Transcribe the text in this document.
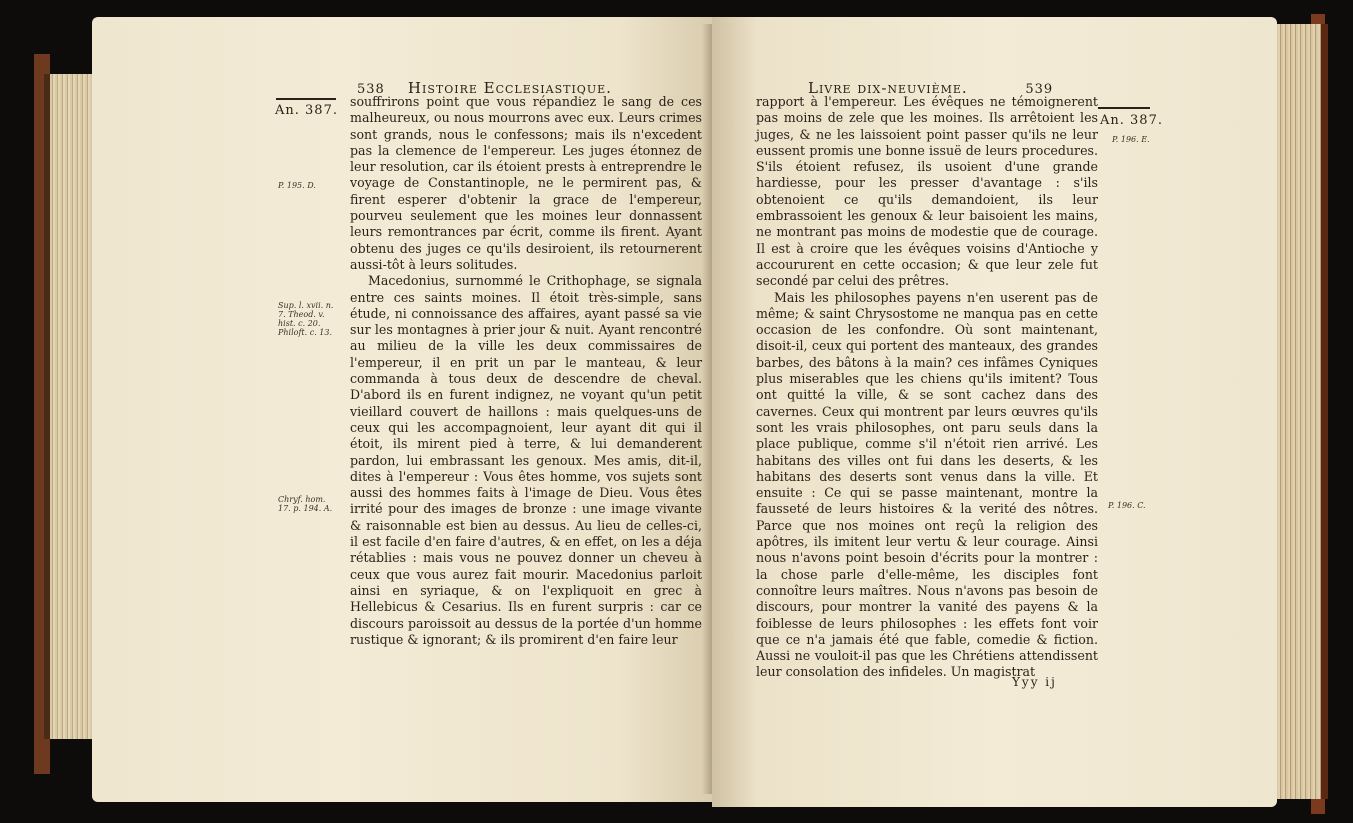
An. 387.
538 Histoire Ecclesiastique.
P. 195. D.
Sup. l. xvii. n. 7. Theod. v. hist. c. 20. Philoft. c. 13.
Chryf. hom. 17. p. 194. A.

souffrirons point que vous répandiez le sang de ces malheureux, ou nous mourrons avec eux. Leurs crimes sont grands, nous le confessons; mais ils n'excedent pas la clemence de l'empereur. Les juges étonnez de leur resolution, car ils étoient prests à entreprendre le voyage de Constantinople, ne le permirent pas, & firent esperer d'obtenir la grace de l'empereur, pourveu seulement que les moines leur donnassent leurs remontrances par écrit, comme ils firent. Ayant obtenu des juges ce qu'ils desiroient, ils retournerent aussi-tôt à leurs solitudes.

Macedonius, surnommé le Crithophage, se signala entre ces saints moines. Il étoit très-simple, sans étude, ni connoissance des affaires, ayant passé sa vie sur les montagnes à prier jour & nuit. Ayant rencontré au milieu de la ville les deux commissaires de l'empereur, il en prit un par le manteau, & leur commanda à tous deux de descendre de cheval. D'abord ils en furent indignez, ne voyant qu'un petit vieillard couvert de haillons : mais quelques-uns de ceux qui les accompagnoient, leur ayant dit qui il étoit, ils mirent pied à terre, & lui demanderent pardon, lui embrassant les genoux. Mes amis, dit-il, dites à l'empereur : Vous êtes homme, vos sujets sont aussi des hommes faits à l'image de Dieu. Vous êtes irrité pour des images de bronze : une image vivante & raisonnable est bien au dessus. Au lieu de celles-ci, il est facile d'en faire d'autres, & en effet, on les a déja rétablies : mais vous ne pouvez donner un cheveu à ceux que vous aurez fait mourir. Macedonius parloit ainsi en syriaque, & on l'expliquoit en grec à Hellebicus & Cesarius. Ils en furent surpris : car ce discours paroissoit au dessus de la portée d'un homme rustique & ignorant; & ils promirent d'en faire leur

Livre dix-neuvième.	539

rapport à l'empereur. Les évêques ne témoignerent pas moins de zele que les moines. Ils arrêtoient les juges, & ne les laissoient point passer qu'ils ne leur eussent promis une bonne issuë de leurs procedures. S'ils étoient refusez, ils usoient d'une grande hardiesse, pour les presser d'avantage : s'ils obtenoient ce qu'ils demandoient, ils leur embrassoient les genoux & leur baisoient les mains, ne montrant pas moins de modestie que de courage. Il est à croire que les évêques voisins d'Antioche y accoururent en cette occasion; & que leur zele fut secondé par celui des prêtres.

Mais les philosophes payens n'en userent pas de même; & saint Chrysostome ne manqua pas en cette occasion de les confondre. Où sont maintenant, disoit-il, ceux qui portent des manteaux, des grandes barbes, des bâtons à la main? ces infâmes Cyniques plus miserables que les chiens qu'ils imitent? Tous ont quitté la ville, & se sont cachez dans des cavernes. Ceux qui montrent par leurs œuvres qu'ils sont les vrais philosophes, ont paru seuls dans la place publique, comme s'il n'étoit rien arrivé. Les habitans des villes ont fui dans les deserts, & les habitans des deserts sont venus dans la ville. Et ensuite : Ce qui se passe maintenant, montre la fausseté de leurs histoires & la verité des nôtres. Parce que nos moines ont reçû la religion des apôtres, ils imitent leur vertu & leur courage. Ainsi nous n'avons point besoin d'écrits pour la montrer : la chose parle d'elle-même, les disciples font connoître leurs maîtres. Nous n'avons pas besoin de discours, pour montrer la vanité des payens & la foiblesse de leurs philosophes : les effets font voir que ce n'a jamais été que fable, comedie & fiction. Aussi ne vouloit-il pas que les Chrétiens attendissent leur consolation des infideles. Un magistrat

Yyy ij
An. 387.
P. 196. E.
P. 196. C.
